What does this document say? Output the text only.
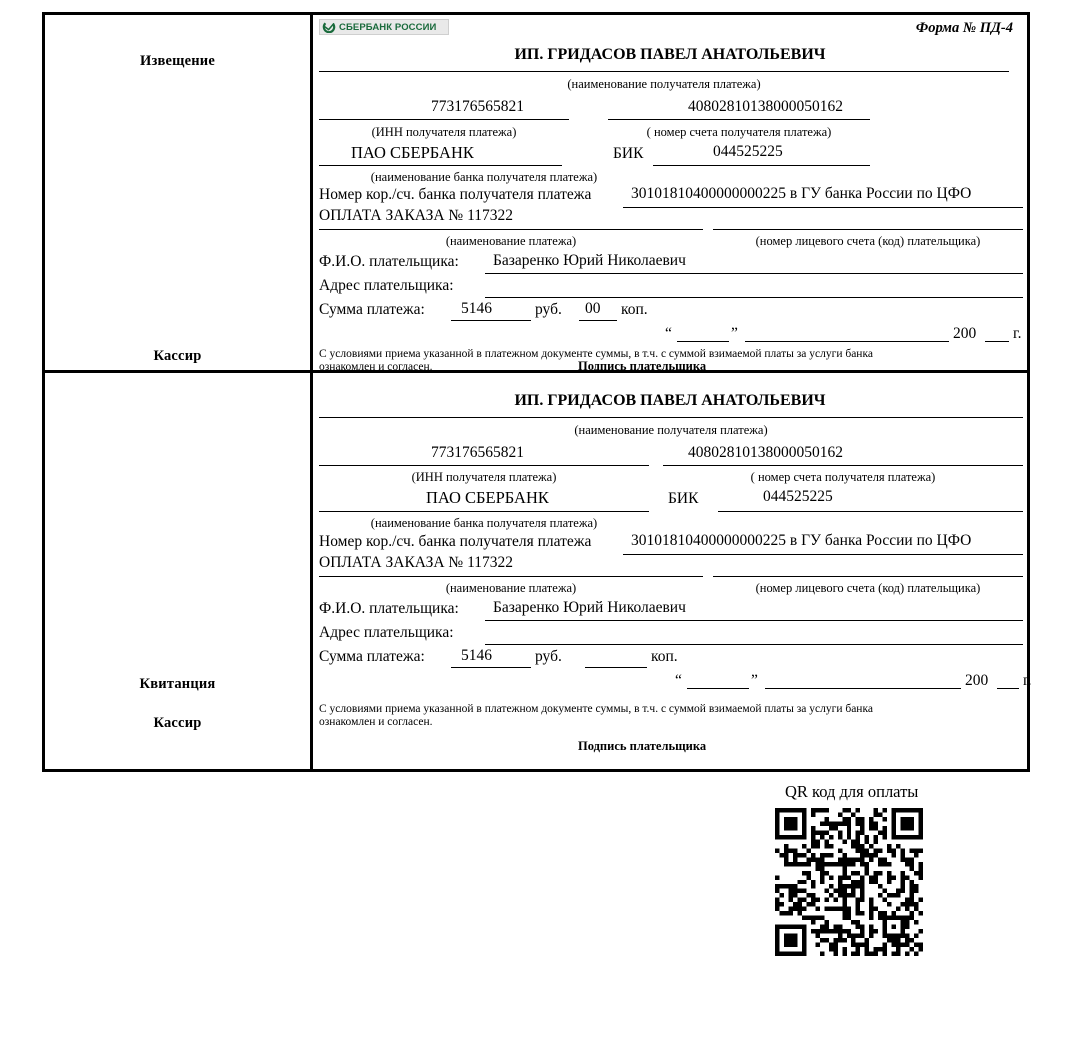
Извещение
Кассир
СБЕРБАНК РОССИИ	Форма № ПД-4
ИП. ГРИДАСОВ ПАВЕЛ АНАТОЛЬЕВИЧ
(наименование получателя платежа)
773176565821	40802810138000050162
(ИНН получателя платежа)	( номер счета получателя платежа)
ПАО СБЕРБАНК	БИК	044525225
(наименование банка получателя платежа)
Номер кор./сч. банка получателя платежа	30101810400000000225 в ГУ банка России по ЦФО
ОПЛАТА ЗАКАЗА № 117322
(наименование платежа)	(номер лицевого счета (код) плательщика)
Ф.И.О. плательщика: Базаренко Юрий Николаевич
Адрес плательщика:
Сумма платежа: 5146	руб. 00 коп.
“	”	200 г.
С условиями приема указанной в платежном документе суммы, в т.ч. с суммой взимаемой платы за услуги банка
ознакомлен и согласен.	Подпись плательщика
Квитанция
Кассир
ИП. ГРИДАСОВ ПАВЕЛ АНАТОЛЬЕВИЧ
(наименование получателя платежа)
773176565821	40802810138000050162
(ИНН получателя платежа)	( номер счета получателя платежа)
ПАО СБЕРБАНК	БИК	044525225
(наименование банка получателя платежа)
Номер кор./сч. банка получателя платежа	30101810400000000225 в ГУ банка России по ЦФО
ОПЛАТА ЗАКАЗА № 117322
(наименование платежа)	(номер лицевого счета (код) плательщика)
Ф.И.О. плательщика: Базаренко Юрий Николаевич
Адрес плательщика:
Сумма платежа: 5146	руб.	коп.
“	”	200 г.
С условиями приема указанной в платежном документе суммы, в т.ч. с суммой взимаемой платы за услуги банка
ознакомлен и согласен.
Подпись плательщика
QR код для оплаты
